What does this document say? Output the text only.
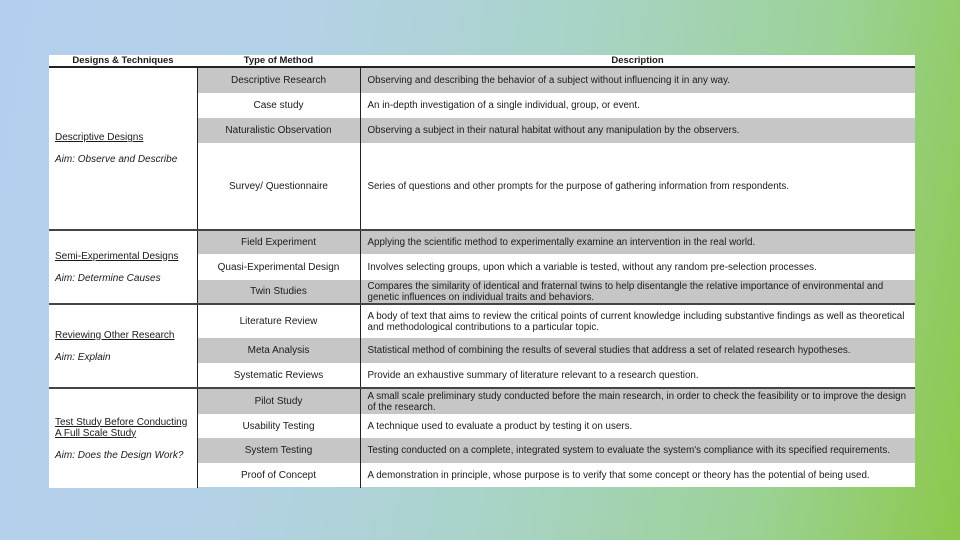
Designs & Techniques	Type of Method	Description

Descriptive Designs
Aim: Observe and Describe	Descriptive Research	Observing and describing the behavior of a subject without influencing it in any way.
	Case study	An in-depth investigation of a single individual, group, or event.
	Naturalistic Observation	Observing a subject in their natural habitat without any manipulation by the observers.
	Survey/ Questionnaire	Series of questions and other prompts for the purpose of gathering information from respondents.

Semi-Experimental Designs
Aim: Determine Causes	Field Experiment	Applying the scientific method to experimentally examine an intervention in the real world.
	Quasi-Experimental Design	Involves selecting groups, upon which a variable is tested, without any random pre-selection processes.
	Twin Studies	Compares the similarity of identical and fraternal twins to help disentangle the relative importance of environmental and genetic influences on individual traits and behaviors.

Reviewing Other Research
Aim: Explain	Literature Review	A body of text that aims to review the critical points of current knowledge including substantive findings as well as theoretical and methodological contributions to a particular topic.
	Meta Analysis	Statistical method of combining the results of several studies that address a set of related research hypotheses.
	Systematic Reviews	Provide an exhaustive summary of literature relevant to a research question.

Test Study Before Conducting A Full Scale Study
Aim: Does the Design Work?	Pilot Study	A small scale preliminary study conducted before the main research, in order to check the feasibility or to improve the design of the research.
	Usability Testing	A technique used to evaluate a product by testing it on users.
	System Testing	Testing conducted on a complete, integrated system to evaluate the system's compliance with its specified requirements.
	Proof of Concept	A demonstration in principle, whose purpose is to verify that some concept or theory has the potential of being used.
